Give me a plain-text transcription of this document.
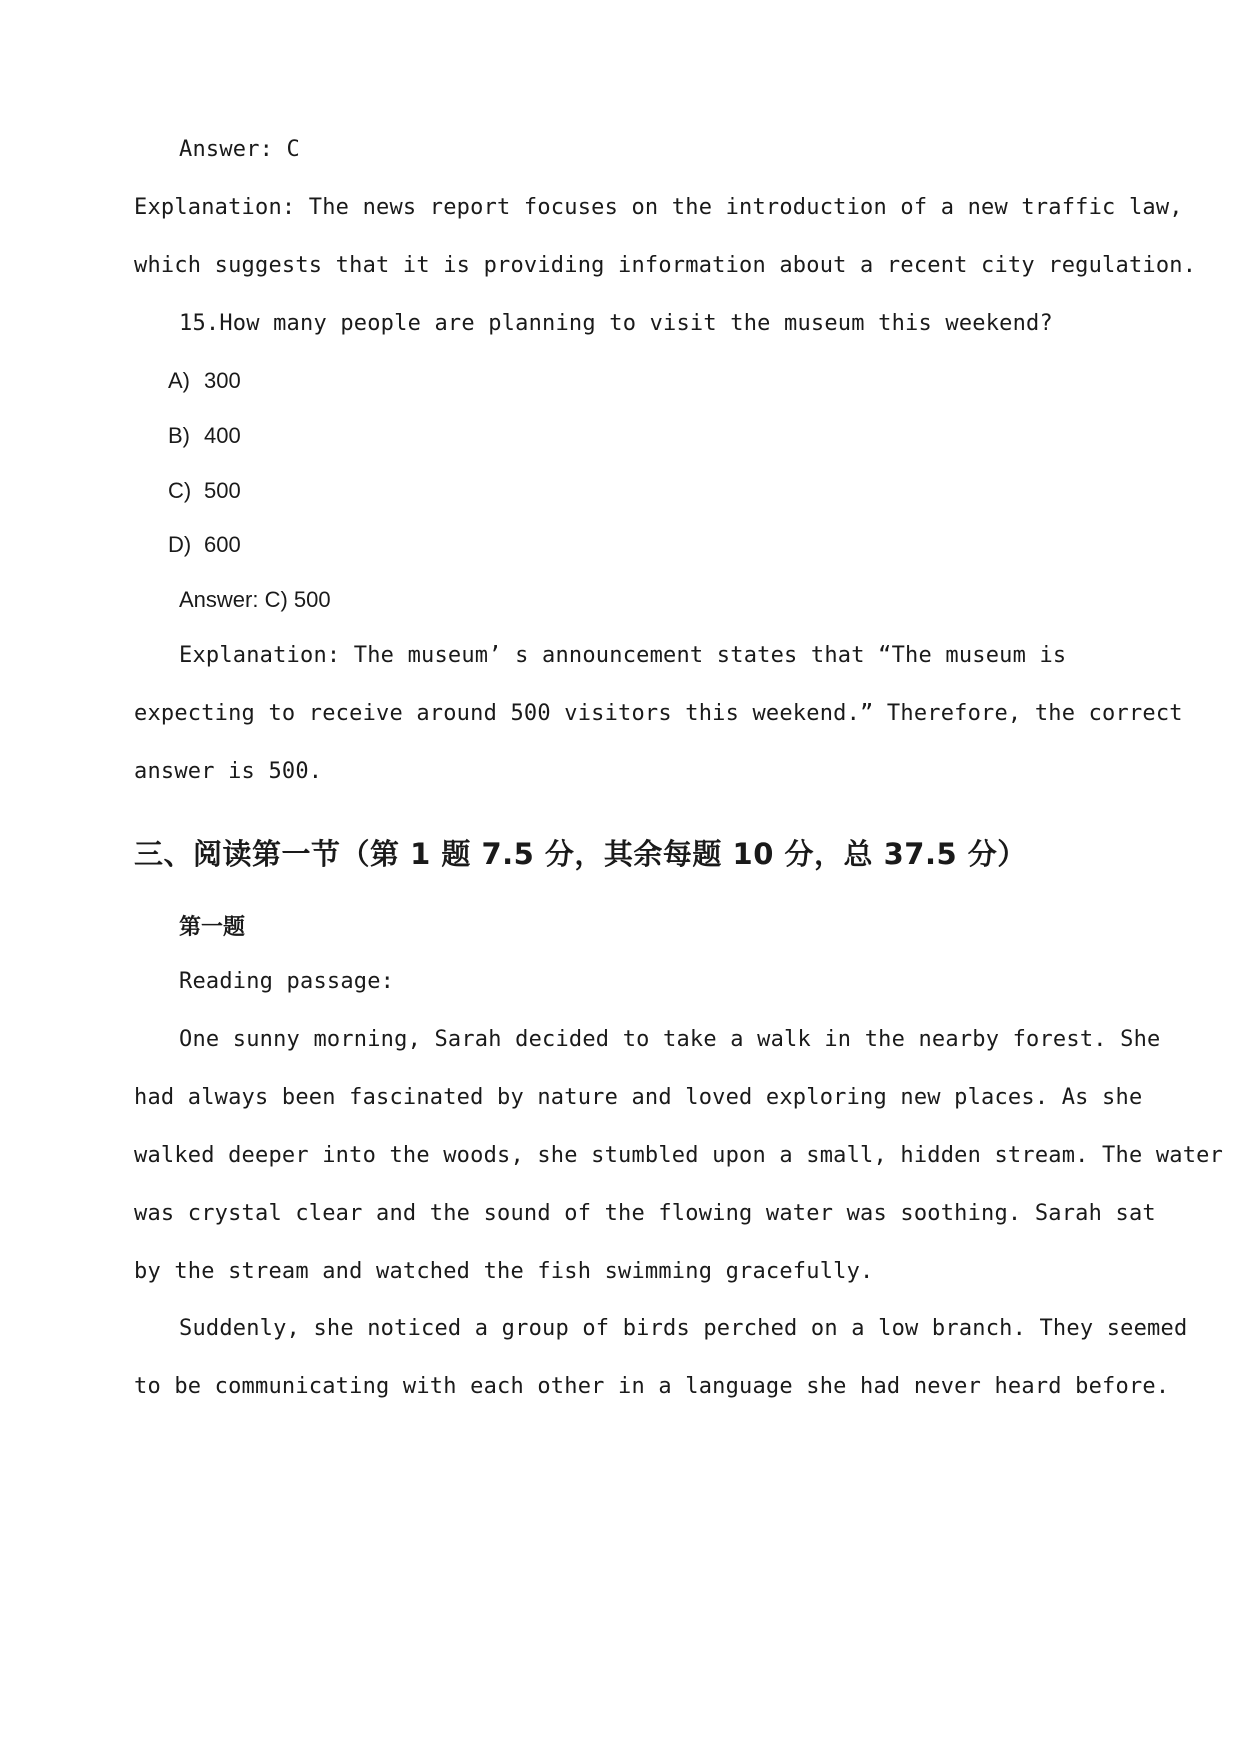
Answer: C

Explanation: The news report focuses on the introduction of a new traffic law,

which suggests that it is providing information about a recent city regulation.

15.How many people are planning to visit the museum this weekend?

A) 300
B) 400
C) 500
D) 600

Answer: C) 500

Explanation: The museum’ s announcement states that “The museum is

expecting to receive around 500 visitors this weekend.” Therefore, the correct

answer is 500.

三、阅读第一节（第 1 题 7.5 分，其余每题 10 分，总 37.5 分）
第一题

Reading passage:

One sunny morning, Sarah decided to take a walk in the nearby forest. She

had always been fascinated by nature and loved exploring new places. As she

walked deeper into the woods, she stumbled upon a small, hidden stream. The water

was crystal clear and the sound of the flowing water was soothing. Sarah sat

by the stream and watched the fish swimming gracefully.

Suddenly, she noticed a group of birds perched on a low branch. They seemed

to be communicating with each other in a language she had never heard before.
